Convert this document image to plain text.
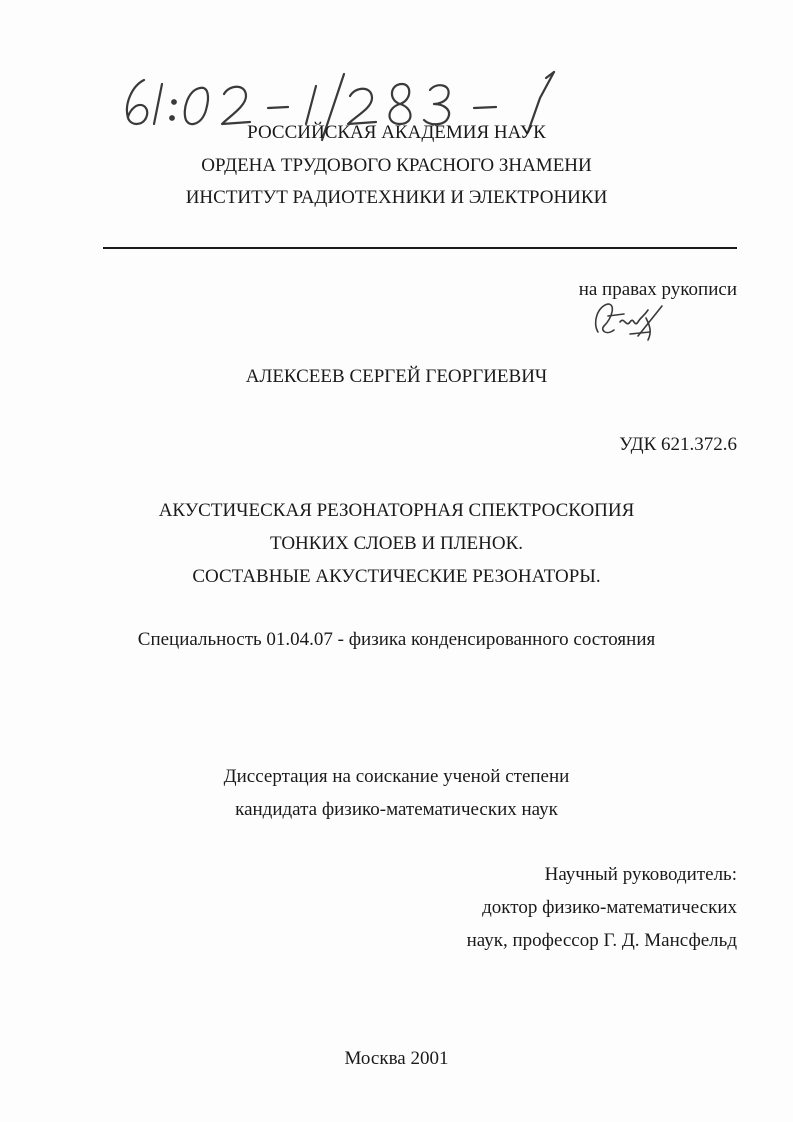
РОССИЙСКАЯ АКАДЕМИЯ НАУК
ОРДЕНА ТРУДОВОГО КРАСНОГО ЗНАМЕНИ
ИНСТИТУТ РАДИОТЕХНИКИ И ЭЛЕКТРОНИКИ
на правах рукописи
АЛЕКСЕЕВ СЕРГЕЙ ГЕОРГИЕВИЧ
УДК 621.372.6
АКУСТИЧЕСКАЯ РЕЗОНАТОРНАЯ СПЕКТРОСКОПИЯ
ТОНКИХ СЛОЕВ И ПЛЕНОК.
СОСТАВНЫЕ АКУСТИЧЕСКИЕ РЕЗОНАТОРЫ.
Специальность 01.04.07 - физика конденсированного состояния
Диссертация на соискание ученой степени
кандидата физико-математических наук
Научный руководитель:
доктор физико-математических
наук, профессор Г. Д. Мансфельд
Москва 2001
